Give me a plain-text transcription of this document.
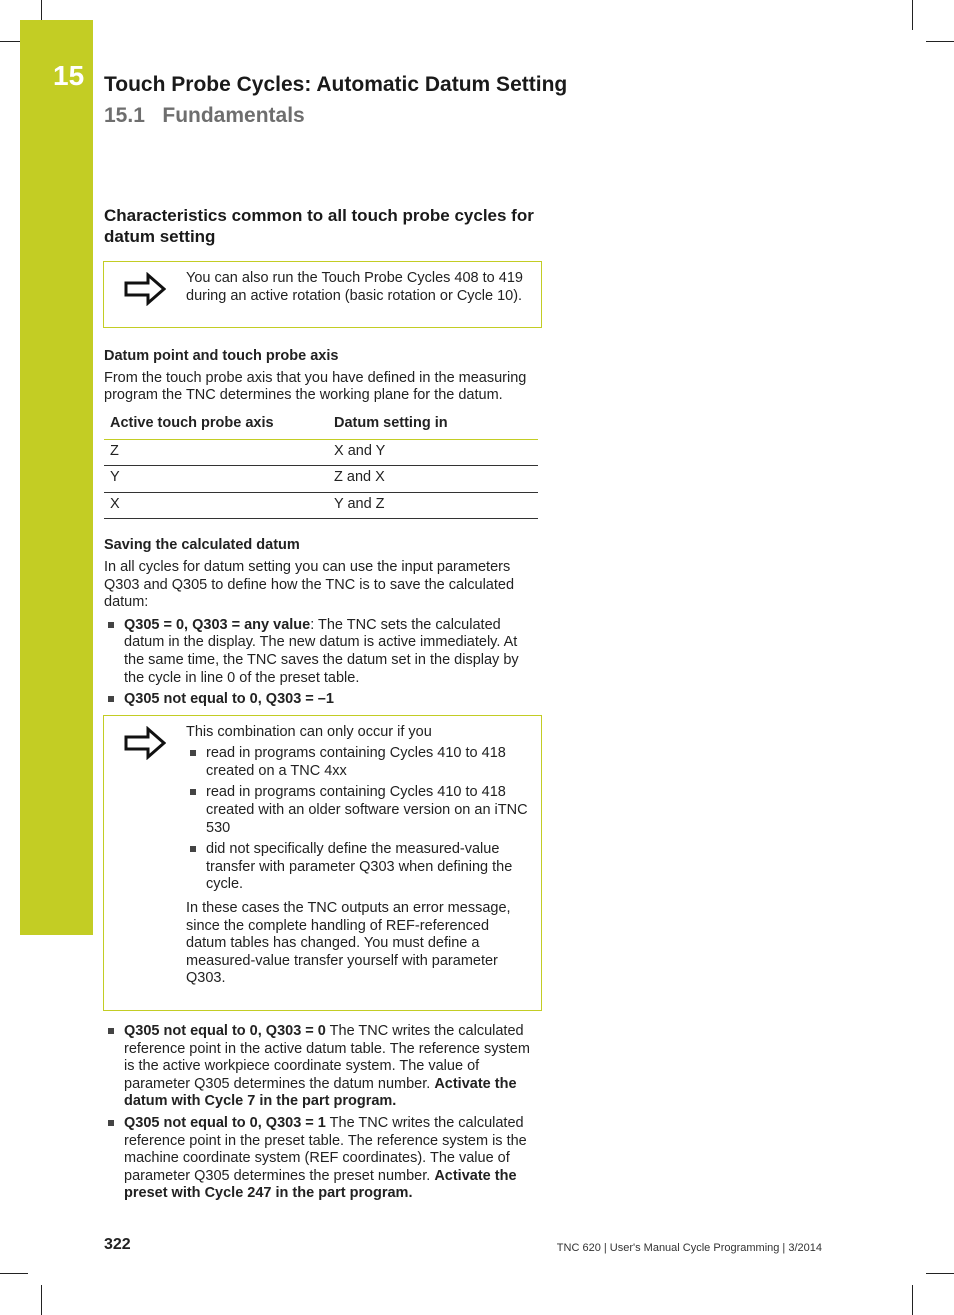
15 Touch Probe Cycles: Automatic Datum Setting
15.1   Fundamentals
Characteristics common to all touch probe cycles for datum setting

You can also run the Touch Probe Cycles 408 to 419 during an active rotation (basic rotation or Cycle 10).

Datum point and touch probe axis

From the touch probe axis that you have defined in the measuring program the TNC determines the working plane for the datum.

Active touch probe axis	Datum setting in
Z	X and Y
Y	Z and X
X	Y and Z
Saving the calculated datum

In all cycles for datum setting you can use the input parameters Q303 and Q305 to define how the TNC is to save the calculated datum:

Q305 = 0, Q303 = any value: The TNC sets the calculated datum in the display. The new datum is active immediately. At the same time, the TNC saves the datum set in the display by the cycle in line 0 of the preset table.
Q305 not equal to 0, Q303 = –1

This combination can only occur if you

read in programs containing Cycles 410 to 418 created on a TNC 4xx
read in programs containing Cycles 410 to 418 created with an older software version on an iTNC 530
did not specifically define the measured-value transfer with parameter Q303 when defining the cycle.

In these cases the TNC outputs an error message, since the complete handling of REF-referenced datum tables has changed. You must define a measured-value transfer yourself with parameter Q303.

Q305 not equal to 0, Q303 = 0 The TNC writes the calculated reference point in the active datum table. The reference system is the active workpiece coordinate system. The value of parameter Q305 determines the datum number. Activate the datum with Cycle 7 in the part program.
Q305 not equal to 0, Q303 = 1 The TNC writes the calculated reference point in the preset table. The reference system is the machine coordinate system (REF coordinates). The value of parameter Q305 determines the preset number. Activate the preset with Cycle 247 in the part program.
322	TNC 620 | User's Manual Cycle Programming | 3/2014
